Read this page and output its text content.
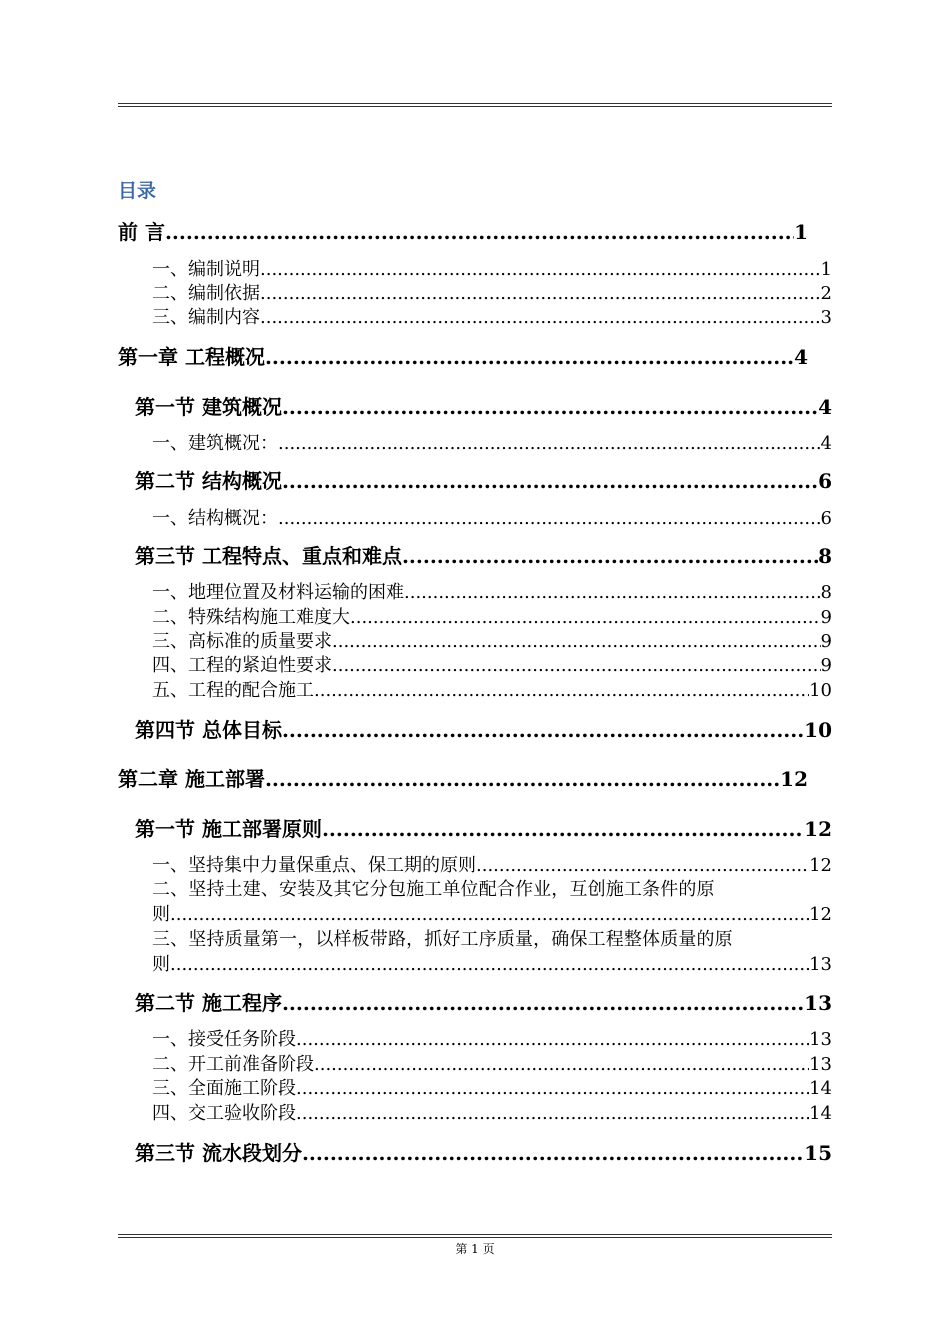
目录
前 言 .....	1
一、编制说明 .....	1
二、编制依据 .....	2
三、编制内容 .....	3
第一章 工程概况 .....	4
第一节 建筑概况 .....	4
一、建筑概况： .....	4
第二节 结构概况 .....	6
一、结构概况： .....	6
第三节 工程特点、重点和难点 .....	8
一、地理位置及材料运输的困难 .....	8
二、特殊结构施工难度大 .....	9
三、高标准的质量要求 .....	9
四、工程的紧迫性要求 .....	9
五、工程的配合施工 .....	10
第四节 总体目标 .....	10
第二章 施工部署 .....	12
第一节 施工部署原则 .....	12
一、坚持集中力量保重点、保工期的原则 .....	12
二、坚持土建、安装及其它分包施工单位配合作业，互创施工条件的原
则 .....	12
三、坚持质量第一，以样板带路，抓好工序质量，确保工程整体质量的原
则 .....	13
第二节 施工程序 .....	13
一、接受任务阶段 .....	13
二、开工前准备阶段 .....	13
三、全面施工阶段 .....	14
四、交工验收阶段 .....	14
第三节 流水段划分 .....	15
第 1 页
